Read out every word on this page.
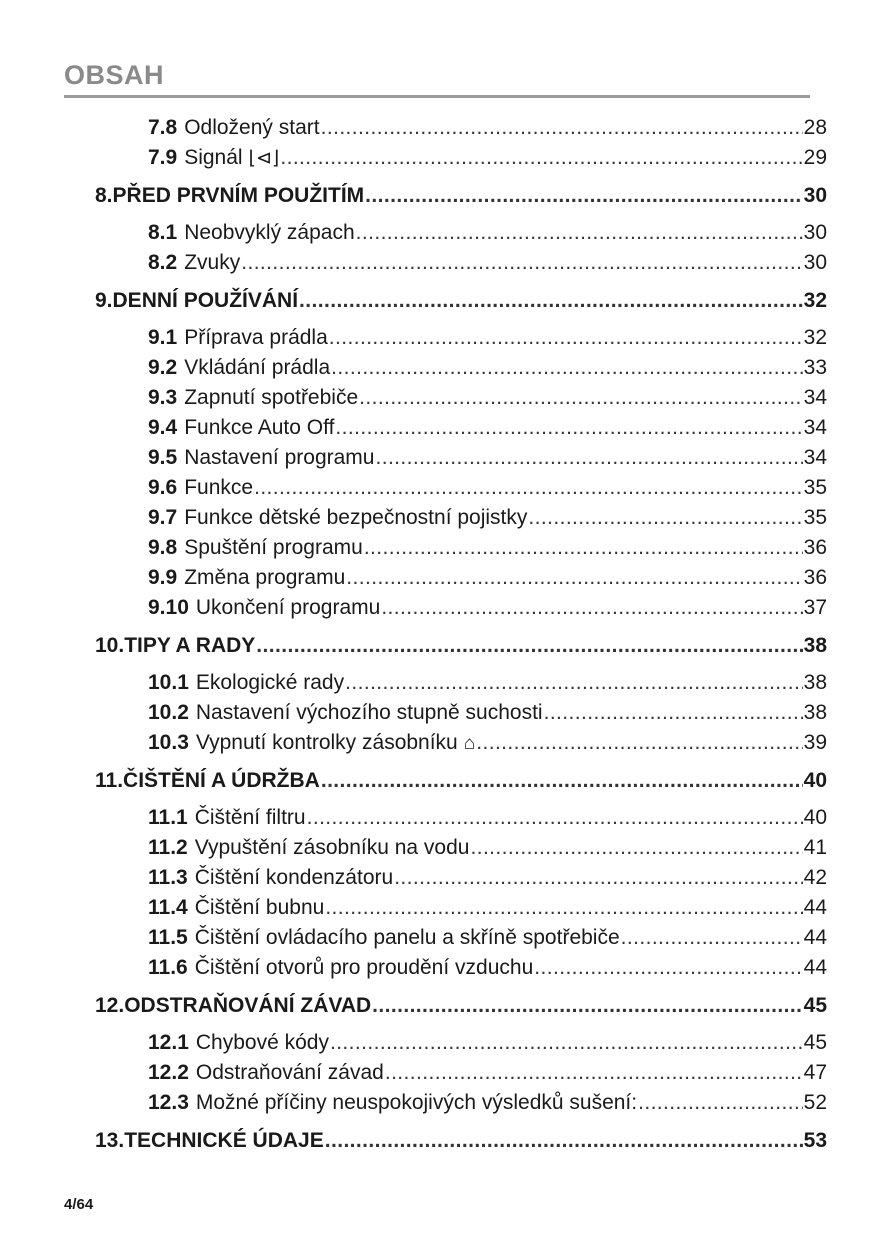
OBSAH
7.8 Odložený start .....	28
7.9 Signál ⌊⊲⌋ .....	29
8. PŘED PRVNÍM POUŽITÍM .....	30
8.1 Neobvyklý zápach .....	30
8.2 Zvuky .....	30
9. DENNÍ POUŽÍVÁNÍ .....	32
9.1 Příprava prádla .....	32
9.2 Vkládání prádla .....	33
9.3 Zapnutí spotřebiče .....	34
9.4 Funkce Auto Off .....	34
9.5 Nastavení programu .....	34
9.6 Funkce .....	35
9.7 Funkce dětské bezpečnostní pojistky .....	35
9.8 Spuštění programu .....	36
9.9 Změna programu .....	36
9.10 Ukončení programu .....	37
10. TIPY A RADY .....	38
10.1 Ekologické rady .....	38
10.2 Nastavení výchozího stupně suchosti .....	38
10.3 Vypnutí kontrolky zásobníku ⌂ .....	39
11. ČIŠTĚNÍ A ÚDRŽBA .....	40
11.1 Čištění filtru .....	40
11.2 Vypuštění zásobníku na vodu .....	41
11.3 Čištění kondenzátoru .....	42
11.4 Čištění bubnu .....	44
11.5 Čištění ovládacího panelu a skříně spotřebiče .....	44
11.6 Čištění otvorů pro proudění vzduchu .....	44
12. ODSTRAŇOVÁNÍ ZÁVAD .....	45
12.1 Chybové kódy .....	45
12.2 Odstraňování závad .....	47
12.3 Možné příčiny neuspokojivých výsledků sušení: .....	52
13. TECHNICKÉ ÚDAJE .....	53
4/64
